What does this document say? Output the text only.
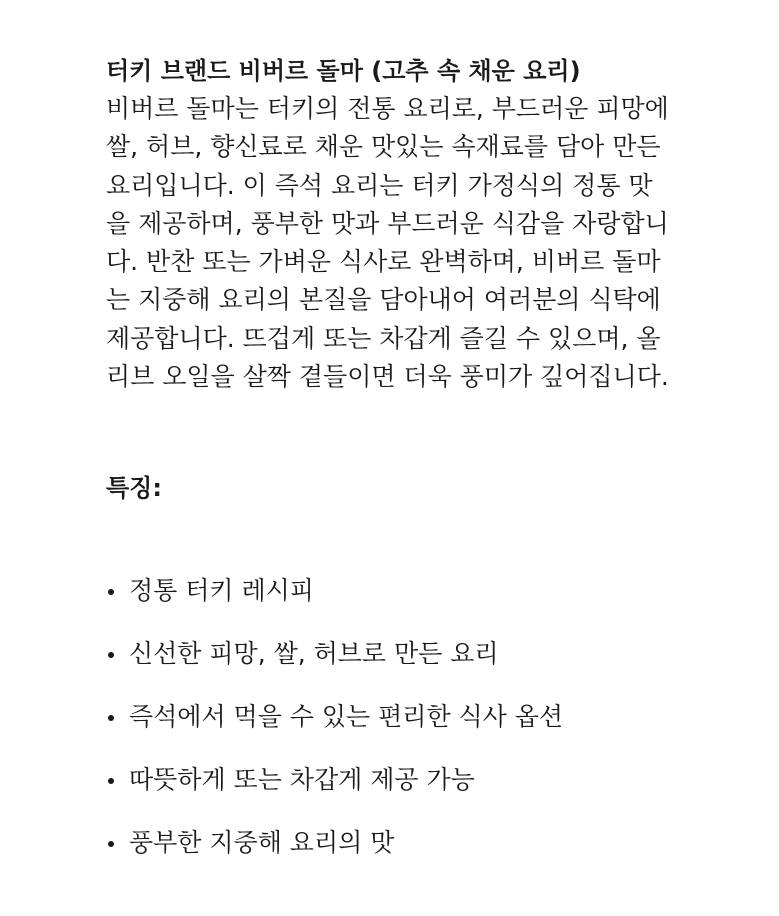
터키 브랜드 비버르 돌마 (고추 속 채운 요리)

비버르 돌마는 터키의 전통 요리로, 부드러운 피망에

쌀, 허브, 향신료로 채운 맛있는 속재료를 담아 만든

요리입니다. 이 즉석 요리는 터키 가정식의 정통 맛

을 제공하며, 풍부한 맛과 부드러운 식감을 자랑합니

다. 반찬 또는 가벼운 식사로 완벽하며, 비버르 돌마

는 지중해 요리의 본질을 담아내어 여러분의 식탁에

제공합니다. 뜨겁게 또는 차갑게 즐길 수 있으며, 올

리브 오일을 살짝 곁들이면 더욱 풍미가 깊어집니다.

특징:
정통 터키 레시피
신선한 피망, 쌀, 허브로 만든 요리
즉석에서 먹을 수 있는 편리한 식사 옵션
따뜻하게 또는 차갑게 제공 가능
풍부한 지중해 요리의 맛
